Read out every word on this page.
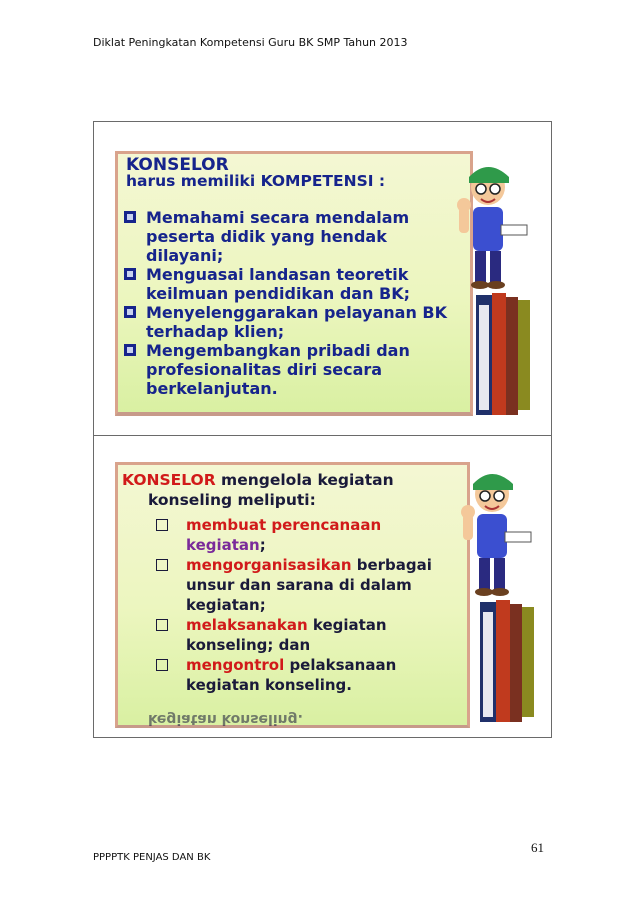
Diklat Peningkatan Kompetensi Guru BK SMP Tahun 2013
KONSELOR
harus memiliki KOMPETENSI :
Memahami secara mendalam peserta didik yang hendak dilayani;
Menguasai landasan teoretik keilmuan pendidikan dan BK;
Menyelenggarakan pelayanan BK terhadap klien;
Mengembangkan pribadi dan profesionalitas diri secara berkelanjutan.
KONSELOR mengelola kegiatan
konseling meliputi:
membuat perencanaan kegiatan;
mengorganisasikan berbagai unsur dan sarana di dalam kegiatan;
melaksanakan kegiatan konseling; dan
mengontrol pelaksanaan kegiatan konseling.
kegiatan konseling.
61
PPPPTK PENJAS DAN BK
